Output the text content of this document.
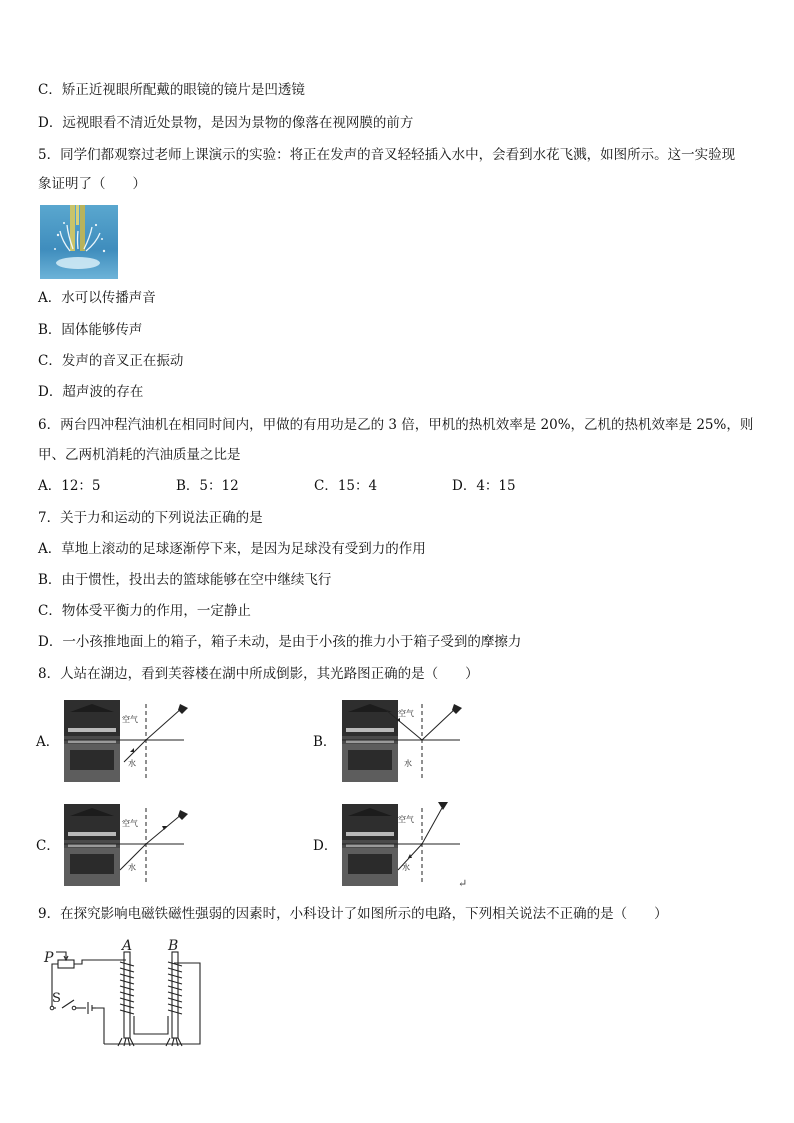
C．矫正近视眼所配戴的眼镜的镜片是凹透镜
D．远视眼看不清近处景物，是因为景物的像落在视网膜的前方
5．同学们都观察过老师上课演示的实验：将正在发声的音叉轻轻插入水中，会看到水花飞溅，如图所示。这一实验现
象证明了（　　）
A．水可以传播声音
B．固体能够传声
C．发声的音叉正在振动
D．超声波的存在
6．两台四冲程汽油机在相同时间内，甲做的有用功是乙的 3 倍，甲机的热机效率是 20%，乙机的热机效率是 25%，则
甲、乙两机消耗的汽油质量之比是
A．12：5	B．5：12	C．15：4	D．4：15
7．关于力和运动的下列说法正确的是
A．草地上滚动的足球逐渐停下来，是因为足球没有受到力的作用
B．由于惯性，投出去的篮球能够在空中继续飞行
C．物体受平衡力的作用，一定静止
D．一小孩推地面上的箱子，箱子未动，是由于小孩的推力小于箱子受到的摩擦力
8．人站在湖边，看到芙蓉楼在湖中所成倒影，其光路图正确的是（　　）
A．	B．
C．	D．
空气
水
空气
水
空气
水
空气
水
↵
9．在探究影响电磁铁磁性强弱的因素时，小科设计了如图所示的电路，下列相关说法不正确的是（　　）
A	B
P
S
